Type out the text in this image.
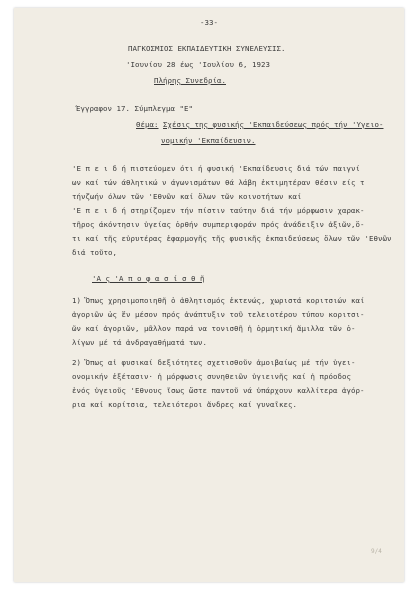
-33-
ΠΑΓΚΟΣΜΙΟΣ ΕΚΠΑΙΔΕΥΤΙΚΗ ΣΥΝΕΛΕΥΣΙΣ.
'Ιουνίου 28 έως 'Ιουλίου 6, 1923
Πλήρης Συνεδρία.
Έγγραφον 17. Σύμπλεγμα "Ε"
Θέμα: Σχέσις της φυσικής 'Εκπαιδεύσεως πρός τήν 'Υγειο-
νομικήν 'Εκπαίδευσιν.
'Ε π ε ι δ ή πιστεύομεν ότι ή φυσική 'Εκπαίδευσις διά τών παιγνί
ων καί τών άθλητικώ ν άγωνισμάτων θά λάβη ἐκτιμητέραν θέσιν είς τ
τήνζωήν όλων τῶν 'Εθνῶν καί ὅλων τῶν κοινοτήτων καί
'Ε π ε ι δ ή στηρίζομεν τήν πίστιν ταύτην διά τήν μόρφωσιν χαρακ-
τῆρος άκόντησιν ὑγείας ὀρθήν συμπεριφοράν πρός ἀνάδειξιν ἀξιῶν,ὅ-
τι καί τῆς εὐρυτέρας ἐφαρμογῆς τῆς φυσικῆς ἐκπαιδεύσεως ὅλων τῶν 'Εθνῶν
διά τοῦτο,
'Α ς 'Α π ο φ α σ ί σ θ ῆ
1) Ὅπως χρησιμοποιηθῆ ὁ ἀθλητισμός ἐκτενώς, χωριστά κοριτσιών καί
ἀγοριῶν ὡς ἕν μέσον πρός ἀνάπτυξιν τοῦ τελειοτέρου τύπου κοριτσι-
ῶν καί ἀγοριῶν, μᾶλλον παρά να τονισθῆ ἡ ὁρμητική ἅμιλλα τῶν ὀ-
λίγων μέ τά ἀνδραγαθήματά των.
2) Ὅπως αἱ φυσικαί δεξιότητες σχετισθοῦν ἀμοιβαίως μέ τήν ὑγει-
ονομικήν ἐξέτασιν· ἡ μόρφωσις συνηθειῶν ὑγιεινῆς καί ἡ πρόοδος
ἑνός ὑγειοῦς 'Εθνους ἴσως ὥστε παντοῦ νά ὑπάρχουν καλλίτερα ἀγόρ-
ρια καί κορίτσια, τελειότεροι ἄνδρες καί γυναῖκες.
9/4
